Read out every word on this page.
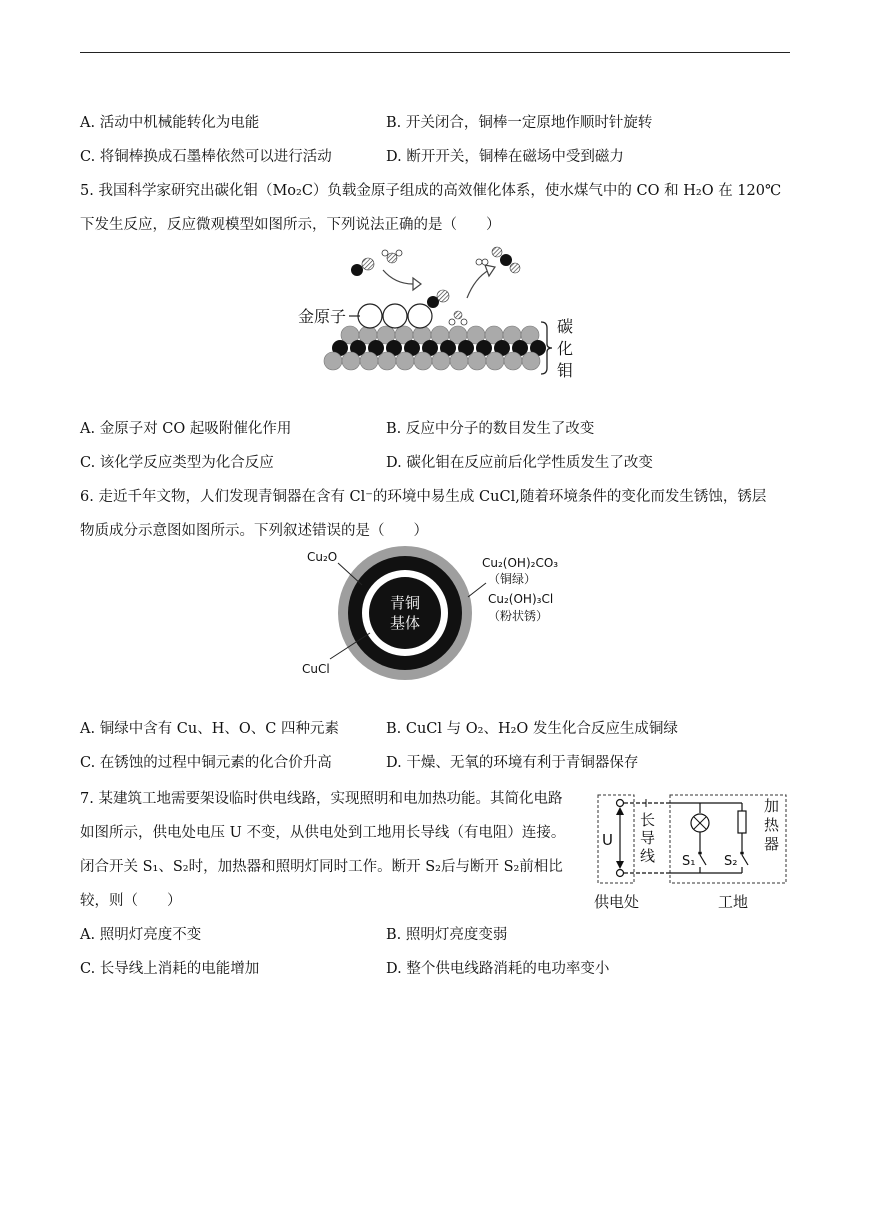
A. 活动中机械能转化为电能	B. 开关闭合，铜棒一定原地作顺时针旋转
C. 将铜棒换成石墨棒依然可以进行活动	D. 断开开关，铜棒在磁场中受到磁力
5. 我国科学家研究出碳化钼（Mo₂C）负载金原子组成的高效催化体系，使水煤气中的 CO 和 H₂O 在 120℃
下发生反应，反应微观模型如图所示，下列说法正确的是（　　）
金原子
碳
化
钼
A. 金原子对 CO 起吸附催化作用	B. 反应中分子的数目发生了改变
C. 该化学反应类型为化合反应	D. 碳化钼在反应前后化学性质发生了改变
6. 走近千年文物，人们发现青铜器在含有 Cl⁻的环境中易生成 CuCl,随着环境条件的变化而发生锈蚀，锈层
物质成分示意图如图所示。下列叙述错误的是（　　）
青铜
基体
Cu₂O	Cu₂(OH)₂CO₃
（铜绿）
Cu₂(OH)₃Cl
（粉状锈）
CuCl
A. 铜绿中含有 Cu、H、O、C 四种元素	B. CuCl 与 O₂、H₂O 发生化合反应生成铜绿
C. 在锈蚀的过程中铜元素的化合价升高	D. 干燥、无氧的环境有利于青铜器保存
7. 某建筑工地需要架设临时供电线路，实现照明和电加热功能。其简化电路
如图所示，供电处电压 U 不变，从供电处到工地用长导线（有电阻）连接。
闭合开关 S₁、S₂时，加热器和照明灯同时工作。断开 S₂后与断开 S₂前相比
较，则（　　）
U
长
导
线 S₁ S₂
加
热
器
供电处	工地
A. 照明灯亮度不变	B. 照明灯亮度变弱
C. 长导线上消耗的电能增加	D. 整个供电线路消耗的电功率变小
